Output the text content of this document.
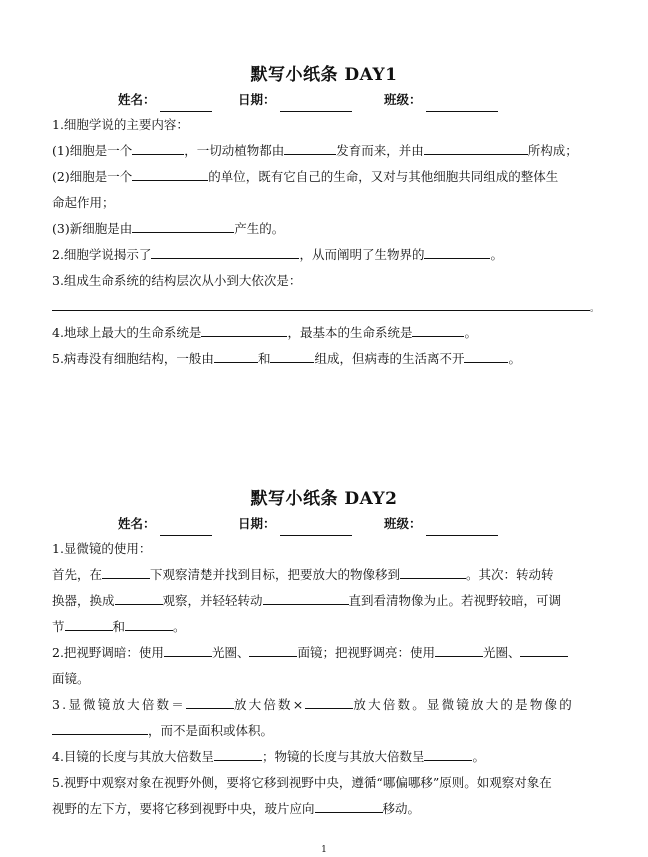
默写小纸条 DAY1
姓名：	日期：	班级：
1.细胞学说的主要内容：
(1)细胞是一个	，一切动植物都由	发育而来，并由	所构成；
(2)细胞是一个	的单位，既有它自己的生命，又对与其他细胞共同组成的整体生
命起作用；
(3)新细胞是由	产生的。
2.细胞学说揭示了	，从而阐明了生物界的	。
3.组成生命系统的结构层次从小到大依次是：
。
4.地球上最大的生命系统是	，最基本的生命系统是	。
5.病毒没有细胞结构，一般由	和	组成，但病毒的生活离不开	。
默写小纸条 DAY2
姓名：	日期：	班级：
1.显微镜的使用：
首先，在	下观察清楚并找到目标，把要放大的物像移到	。其次：转动转
换器，换成	观察，并轻轻转动	直到看清物像为止。若视野较暗，可调
节	和	。
2.把视野调暗：使用	光圈、	面镜；把视野调亮：使用	光圈、
面镜。
3.显微镜放大倍数＝	放大倍数×	放大倍数。显微镜放大的是物像的
，而不是面积或体积。
4.目镜的长度与其放大倍数呈	；物镜的长度与其放大倍数呈	。
5.视野中观察对象在视野外侧，要将它移到视野中央，遵循“哪偏哪移”原则。如观察对象在
视野的左下方，要将它移到视野中央，玻片应向	移动。
1
